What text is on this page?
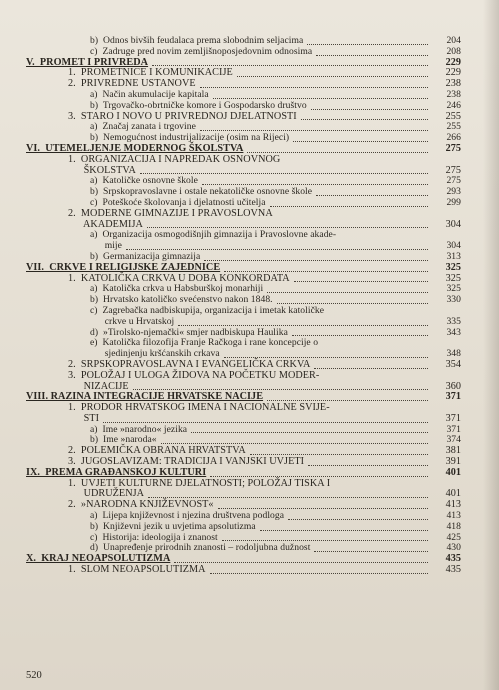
b)  Odnos bivših feudalaca prema slobodnim seljacima	204
c)  Zadruge pred novim zemljišnoposjedovnim odnosima	208
V.  PROMET I PRIVREDA	229
1.  PROMETNICE I KOMUNIKACIJE	229
2.  PRIVREDNE USTANOVE	238
a)  Način akumulacije kapitala	238
b)  Trgovačko-obrtničke komore i Gospodarsko društvo	246
3.  STARO I NOVO U PRIVREDNOJ DJELATNOSTI	255
a)  Značaj zanata i trgovine	255
b)  Nemogućnost industrijalizacije (osim na Rijeci)	266
VI.  UTEMELJENJE MODERNOG ŠKOLSTVA	275
1.  ORGANIZACIJA I NAPREDAK OSNOVNOG
ŠKOLSTVA	275
a)  Katoličke osnovne škole	275
b)  Srpskopravoslavne i ostale nekatoličke osnovne škole	293
c)  Poteškoće školovanja i djelatnosti učitelja	299
2.  MODERNE GIMNAZIJE I PRAVOSLOVNA
AKADEMIJA	304
a)  Organizacija osmogodišnjih gimnazija i Pravoslovne akade-
mije	304
b)  Germanizacija gimnazija	313
VII.  CRKVE I RELIGIJSKE ZAJEDNICE	325
1.  KATOLIČKA CRKVA U DOBA KONKORDATA	325
a)  Katolička crkva u Habsburškoj monarhiji	325
b)  Hrvatsko katoličko svećenstvo nakon 1848.	330
c)  Zagrebačka nadbiskupija, organizacija i imetak katoličke
crkve u Hrvatskoj	335
d)  »Tirolsko-njemački« smjer nadbiskupa Haulika	343
e)  Katolička filozofija Franje Račkoga i rane koncepcije o
sjedinjenju kršćanskih crkava	348
2.  SRPSKOPRAVOSLAVNA I EVANGELIČKA CRKVA	354
3.  POLOŽAJ I ULOGA ŽIDOVA NA POČETKU MODER-
NIZACIJE	360
VIII. RAZINA INTEGRACIJE HRVATSKE NACIJE	371
1.  PRODOR HRVATSKOG IMENA I NACIONALNE SVIJE-
STI	371
a)  Ime »narodno« jezika	371
b)  Ime »naroda«	374
2.  POLEMIČKA OBRANA HRVATSTVA	381
3.  JUGOSLAVIZAM: TRADICIJA I VANJSKI UVJETI	391
IX.  PREMA GRAĐANSKOJ KULTURI	401
1.  UVJETI KULTURNE DJELATNOSTI; POLOŽAJ TISKA I
UDRUŽENJA	401
2.  »NARODNA KNJIŽEVNOST«	413
a)  Lijepa književnost i njezina društvena podloga	413
b)  Književni jezik u uvjetima apsolutizma	418
c)  Historija: ideologija i znanost	425
d)  Unapređenje prirodnih znanosti – rodoljubna dužnost	430
X.  KRAJ NEOAPSOLUTIZMA	435
1.  SLOM NEOAPSOLUTIZMA	435
520
